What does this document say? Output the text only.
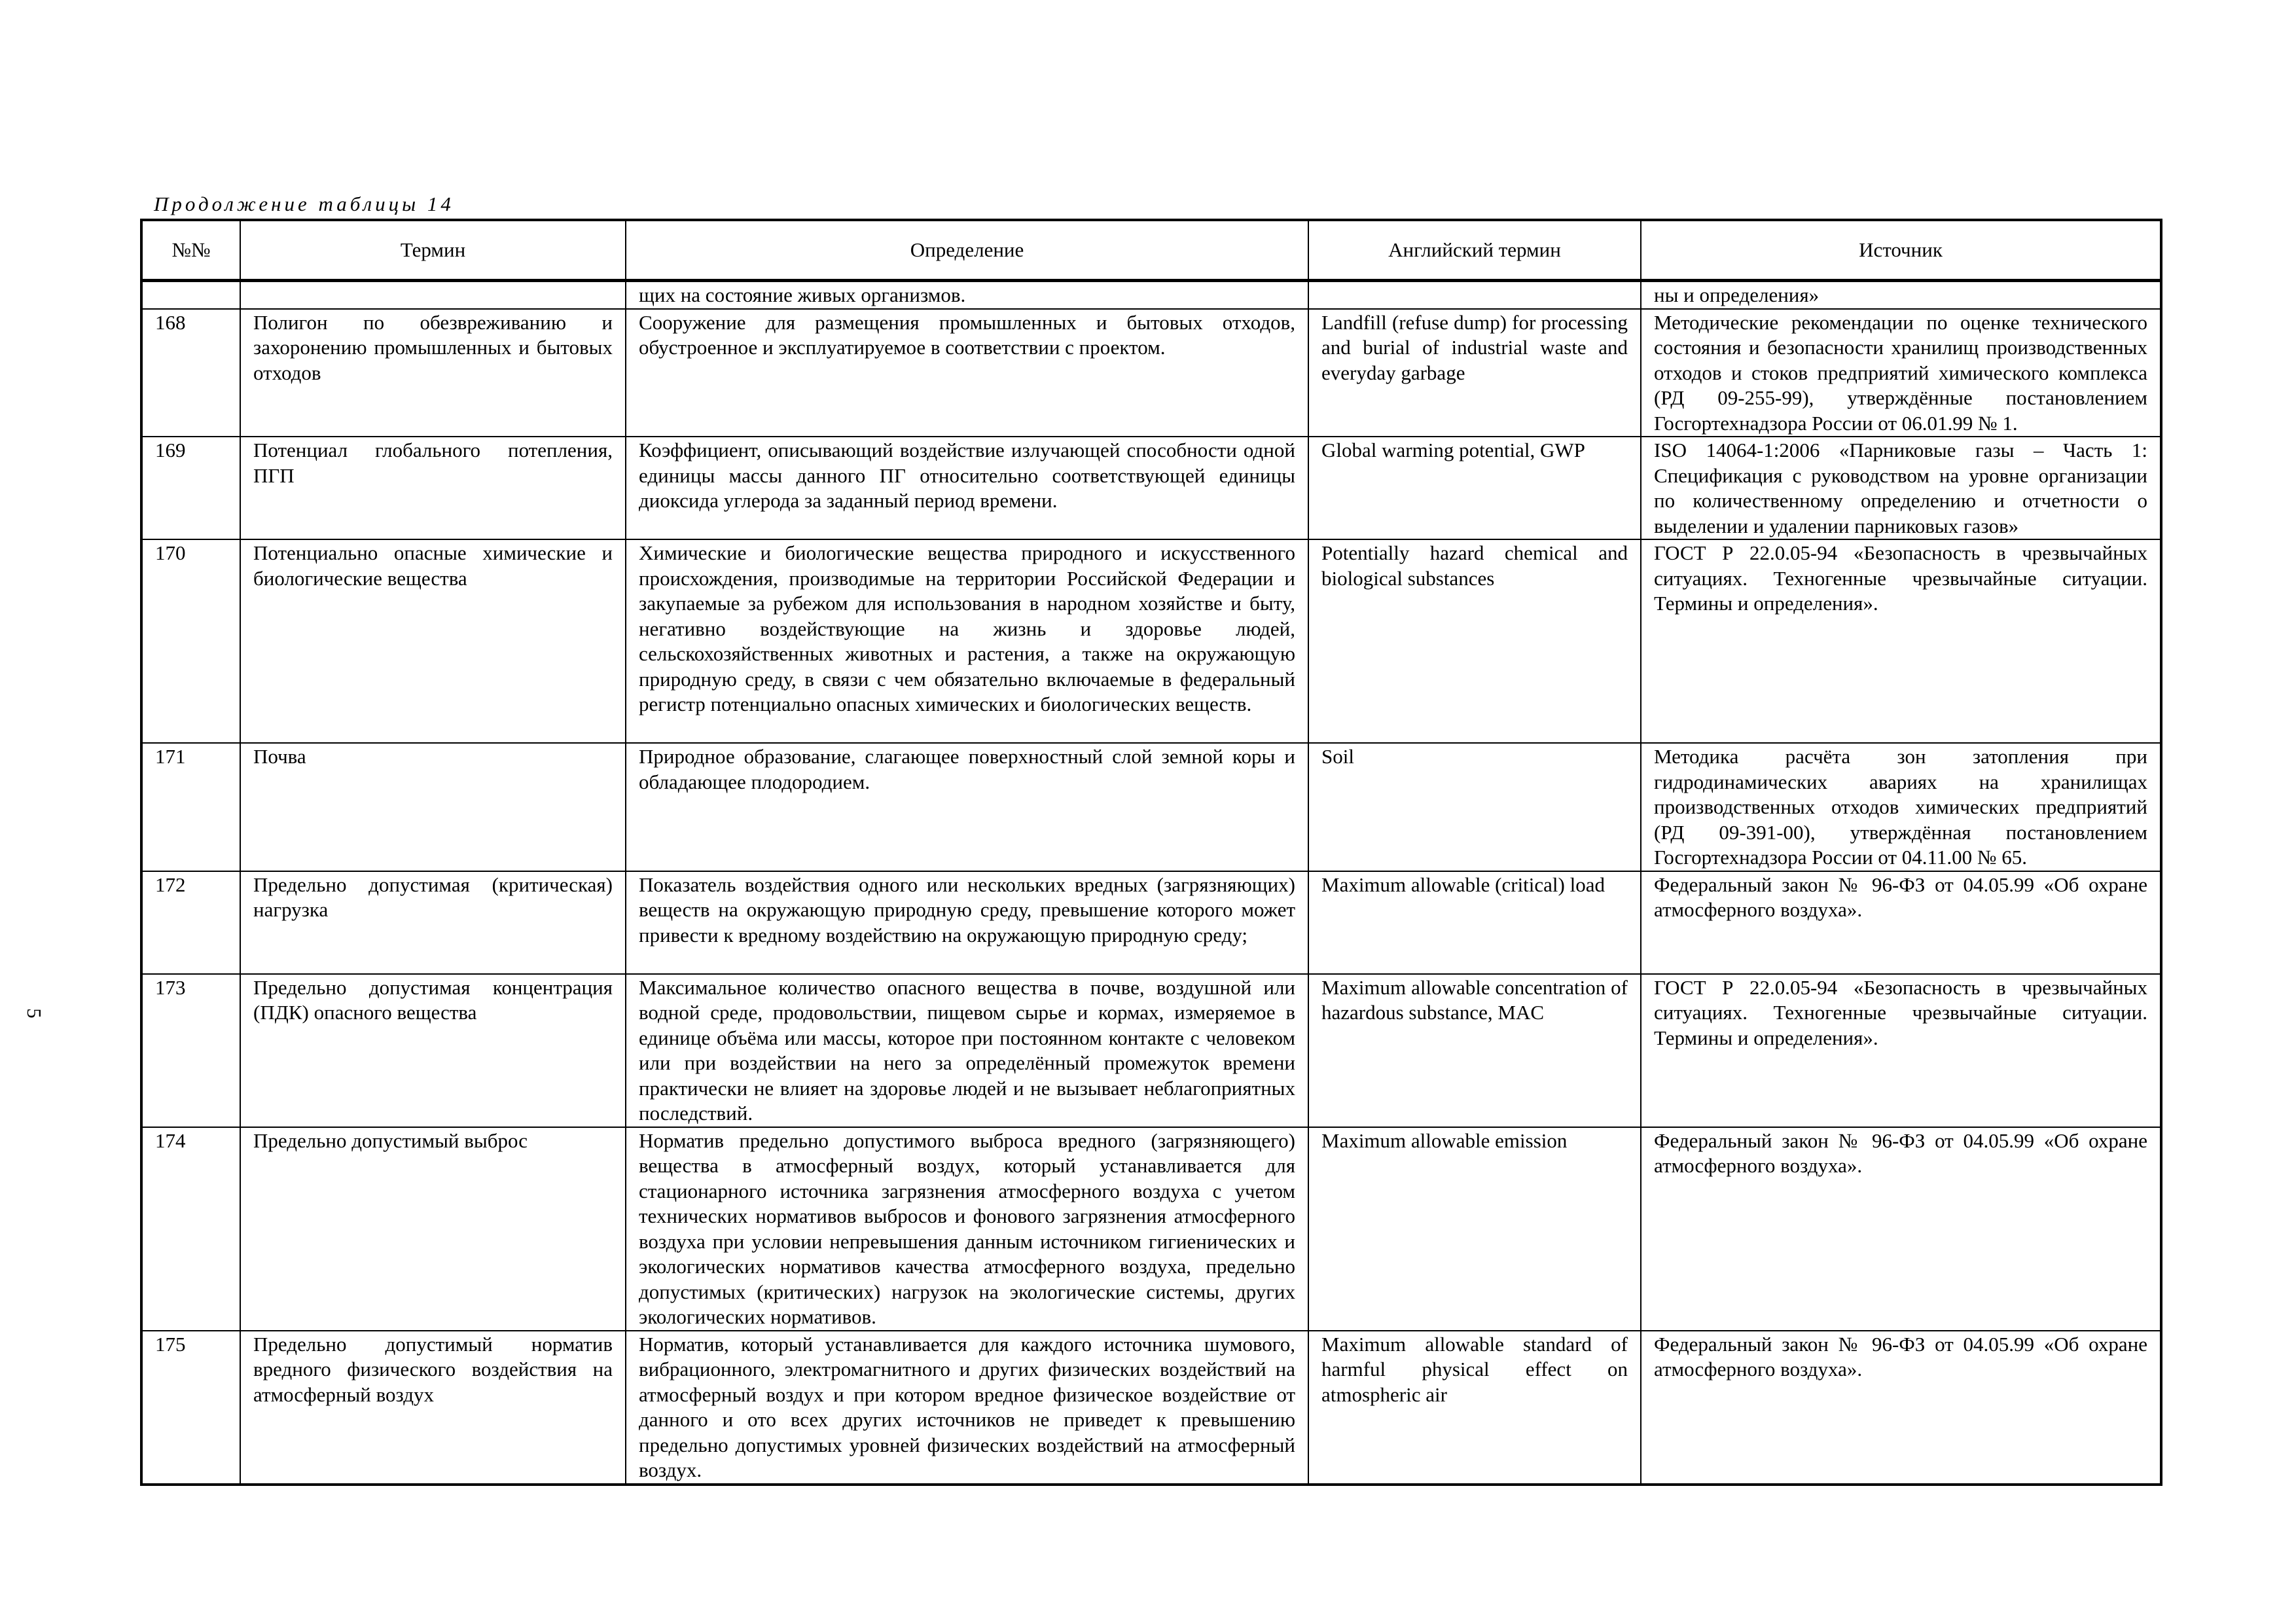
Продолжение таблицы 14
5
№№	Термин	Определение	Английский термин	Источник
		щих на состояние живых организмов.		ны и определения»
168	Полигон по обезвреживанию и захоронению промышленных и бытовых отходов	Сооружение для размещения промышленных и бытовых отходов, обустроенное и эксплуатируемое в соответствии с проектом.	Landfill (refuse dump) for processing and burial of industrial waste and everyday garbage	Методические рекомендации по оценке технического состояния и безопасности хранилищ производственных отходов и стоков предприятий химического комплекса (РД 09-255-99), утверждённые постановлением Госгортехнадзора России от 06.01.99 № 1.
169	Потенциал глобального потепления, ПГП	Коэффициент, описывающий воздействие излучающей способности одной единицы массы данного ПГ относительно соответствующей единицы диоксида углерода за заданный период времени.	Global warming potential, GWP	ISO 14064-1:2006 «Парниковые газы – Часть 1: Спецификация с руководством на уровне организации по количественному определению и отчетности о выделении и удалении парниковых газов»
170	Потенциально опасные химические и биологические вещества	Химические и биологические вещества природного и искусственного происхождения, производимые на территории Российской Федерации и закупаемые за рубежом для использования в народном хозяйстве и быту, негативно воздействующие на жизнь и здоровье людей, сельскохозяйственных животных и растения, а также на окружающую природную среду, в связи с чем обязательно включаемые в федеральный регистр потенциально опасных химических и биологических веществ.	Potentially hazard chemical and biological substances	ГОСТ Р 22.0.05-94 «Безопасность в чрезвычайных ситуациях. Техногенные чрезвычайные ситуации. Термины и определения».
171	Почва	Природное образование, слагающее поверхностный слой земной коры и обладающее плодородием.	Soil	Методика расчёта зон затопления при гидродинамических авариях на хранилищах производственных отходов химических предприятий (РД 09-391-00), утверждённая постановлением Госгортехнадзора России от 04.11.00 № 65.
172	Предельно допустимая (критическая) нагрузка	Показатель воздействия одного или нескольких вредных (загрязняющих) веществ на окружающую природную среду, превышение которого может привести к вредному воздействию на окружающую природную среду;	Maximum allowable (critical) load	Федеральный закон № 96-ФЗ от 04.05.99 «Об охране атмосферного воздуха».
173	Предельно допустимая концентрация (ПДК) опасного вещества	Максимальное количество опасного вещества в почве, воздушной или водной среде, продовольствии, пищевом сырье и кормах, измеряемое в единице объёма или массы, которое при постоянном контакте с человеком или при воздействии на него за определённый промежуток времени практически не влияет на здоровье людей и не вызывает неблагоприятных последствий.	Maximum allowable concentration of hazardous substance, MAC	ГОСТ Р 22.0.05-94 «Безопасность в чрезвычайных ситуациях. Техногенные чрезвычайные ситуации. Термины и определения».
174	Предельно допустимый выброс	Норматив предельно допустимого выброса вредного (загрязняющего) вещества в атмосферный воздух, который устанавливается для стационарного источника загрязнения атмосферного воздуха с учетом технических нормативов выбросов и фонового загрязнения атмосферного воздуха при условии непревышения данным источником гигиенических и экологических нормативов качества атмосферного воздуха, предельно допустимых (критических) нагрузок на экологические системы, других экологических нормативов.	Maximum allowable emission	Федеральный закон № 96-ФЗ от 04.05.99 «Об охране атмосферного воздуха».
175	Предельно допустимый норматив вредного физического воздействия на атмосферный воздух	Норматив, который устанавливается для каждого источника шумового, вибрационного, электромагнитного и других физических воздействий на атмосферный воздух и при котором вредное физическое воздействие от данного и ото всех других источников не приведет к превышению предельно допустимых уровней физических воздействий на атмосферный воздух.	Maximum allowable standard of harmful physical effect on atmospheric air	Федеральный закон № 96-ФЗ от 04.05.99 «Об охране атмосферного воздуха».
